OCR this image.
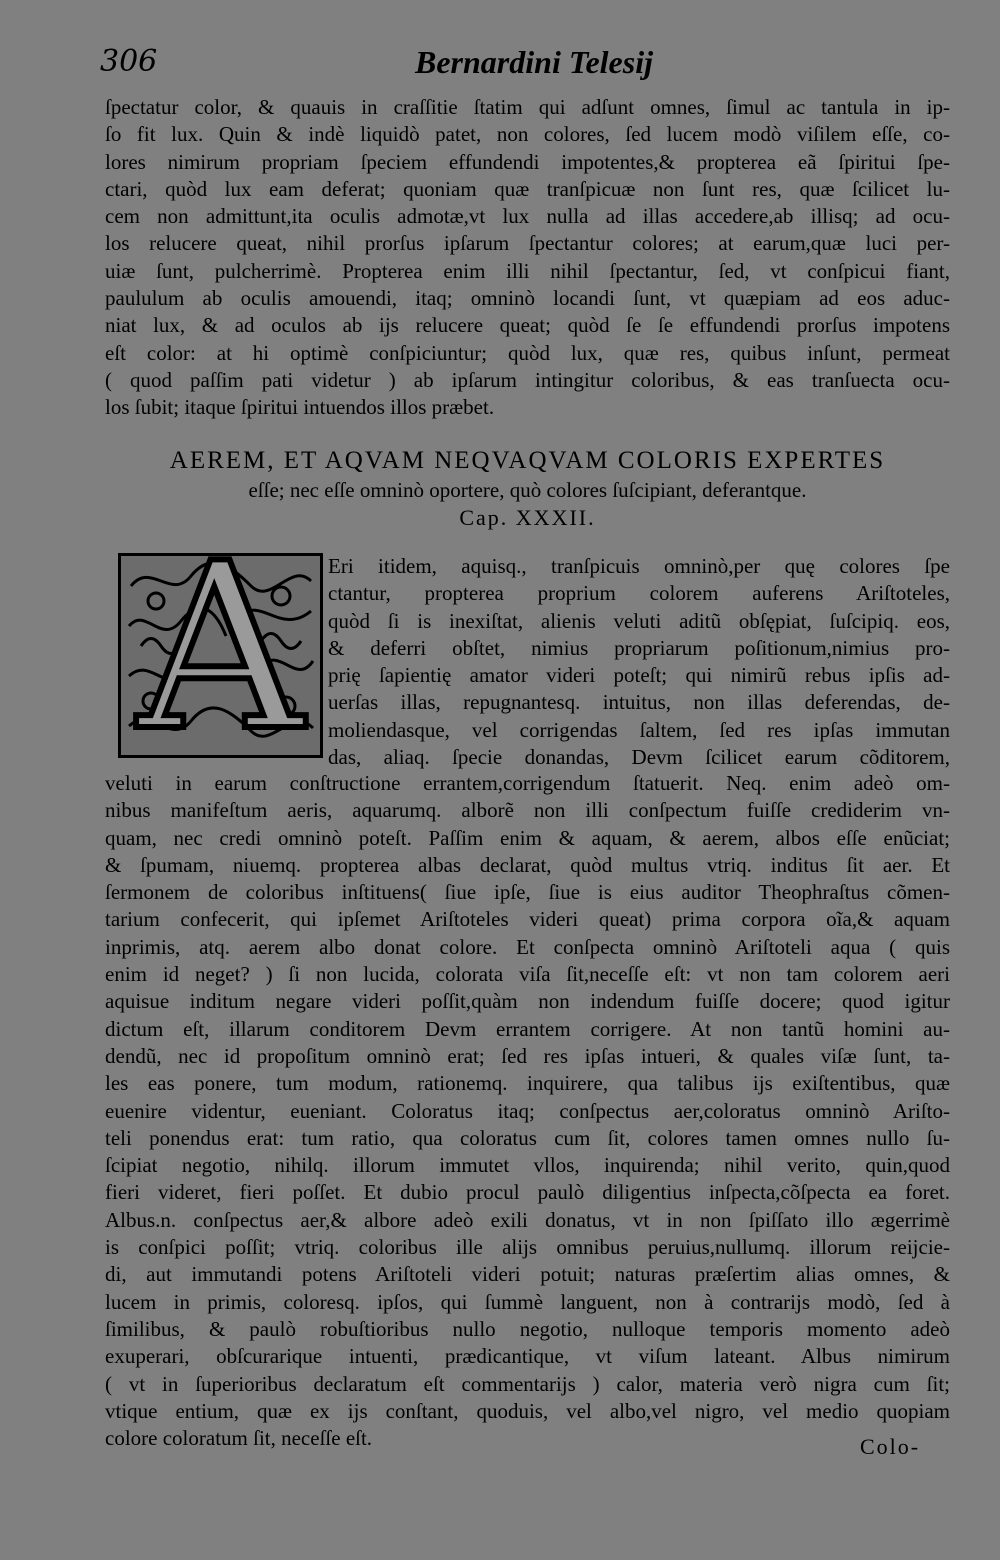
306	Bernardini Telesij
ſpectatur color, & quauis in craſſitie ſtatim qui adſunt omnes, ſimul ac tantula in ip-
ſo fit lux. Quin & indè liquidò patet, non colores, ſed lucem modò viſilem eſſe, co-
lores nimirum propriam ſpeciem effundendi impotentes,& propterea eã ſpiritui ſpe-
ctari, quòd lux eam deferat; quoniam quæ tranſpicuæ non ſunt res, quæ ſcilicet lu-
cem non admittunt,ita oculis admotæ,vt lux nulla ad illas accedere,ab illisq; ad ocu-
los relucere queat, nihil prorſus ipſarum ſpectantur colores; at earum,quæ luci per-
uiæ ſunt, pulcherrimè. Propterea enim illi nihil ſpectantur, ſed, vt conſpicui fiant,
paululum ab oculis amouendi, itaq; omninò locandi ſunt, vt quæpiam ad eos aduc-
niat lux, & ad oculos ab ijs relucere queat; quòd ſe ſe effundendi prorſus impotens
eſt color: at hi optimè conſpiciuntur; quòd lux, quæ res, quibus inſunt, permeat
( quod paſſim pati videtur ) ab ipſarum intingitur coloribus, & eas tranſuecta ocu-
los ſubit; itaque ſpiritui intuendos illos præbet.
AEREM, ET AQVAM NEQVAQVAM COLORIS EXPERTES
eſſe; nec eſſe omninò oportere, quò colores ſuſcipiant, deferantque.
Cap. XXXII.
A	Eri itidem, aquisq., tranſpicuis omninò,per quę colores ſpe
ctantur, propterea proprium colorem auferens Ariſtoteles,
quòd ſi is inexiſtat, alienis veluti aditũ obſępiat, ſuſcipiq. eos,
& deferri obſtet, nimius propriarum poſitionum,nimius pro-
prię ſapientię amator videri poteſt; qui nimirũ rebus ipſis ad-
uerſas illas, repugnantesq. intuitus, non illas deferendas, de-
moliendasque, vel corrigendas ſaltem, ſed res ipſas immutan
das, aliaq. ſpecie donandas, Devm ſcilicet earum cõditorem,
veluti in earum conſtructione errantem,corrigendum ſtatuerit. Neq. enim adeò om-
nibus manifeſtum aeris, aquarumq. alborẽ non illi conſpectum fuiſſe crediderim vn-
quam, nec credi omninò poteſt. Paſſim enim & aquam, & aerem, albos eſſe enũciat;
& ſpumam, niuemq. propterea albas declarat, quòd multus vtriq. inditus ſit aer. Et
ſermonem de coloribus inſtituens( ſiue ipſe, ſiue is eius auditor Theophraſtus cõmen-
tarium confecerit, qui ipſemet Ariſtoteles videri queat) prima corpora oĩa,& aquam
inprimis, atq. aerem albo donat colore. Et conſpecta omninò Ariſtoteli aqua ( quis
enim id neget? ) ſi non lucida, colorata viſa ſit,neceſſe eſt: vt non tam colorem aeri
aquisue inditum negare videri poſſit,quàm non indendum fuiſſe docere; quod igitur
dictum eſt, illarum conditorem Devm errantem corrigere. At non tantũ homini au-
dendũ, nec id propoſitum omninò erat; ſed res ipſas intueri, & quales viſæ ſunt, ta-
les eas ponere, tum modum, rationemq. inquirere, qua talibus ijs exiſtentibus, quæ
euenire videntur, eueniant. Coloratus itaq; conſpectus aer,coloratus omninò Ariſto-
teli ponendus erat: tum ratio, qua coloratus cum ſit, colores tamen omnes nullo ſu-
ſcipiat negotio, nihilq. illorum immutet vllos, inquirenda; nihil verito, quin,quod
fieri videret, fieri poſſet. Et dubio procul paulò diligentius inſpecta,cõſpecta ea foret.
Albus.n. conſpectus aer,& albore adeò exili donatus, vt in non ſpiſſato illo ægerrimè
is conſpici poſſit; vtriq. coloribus ille alijs omnibus peruius,nullumq. illorum reijcie-
di, aut immutandi potens Ariſtoteli videri potuit; naturas præſertim alias omnes, &
lucem in primis, coloresq. ipſos, qui ſummè languent, non à contrarijs modò, ſed à
ſimilibus, & paulò robuſtioribus nullo negotio, nulloque temporis momento adeò
exuperari, obſcurarique intuenti, prædicantique, vt viſum lateant. Albus nimirum
( vt in ſuperioribus declaratum eſt commentarijs ) calor, materia verò nigra cum ſit;
vtique entium, quæ ex ijs conſtant, quoduis, vel albo,vel nigro, vel medio quopiam
colore coloratum ſit, neceſſe eſt.	Colo-
